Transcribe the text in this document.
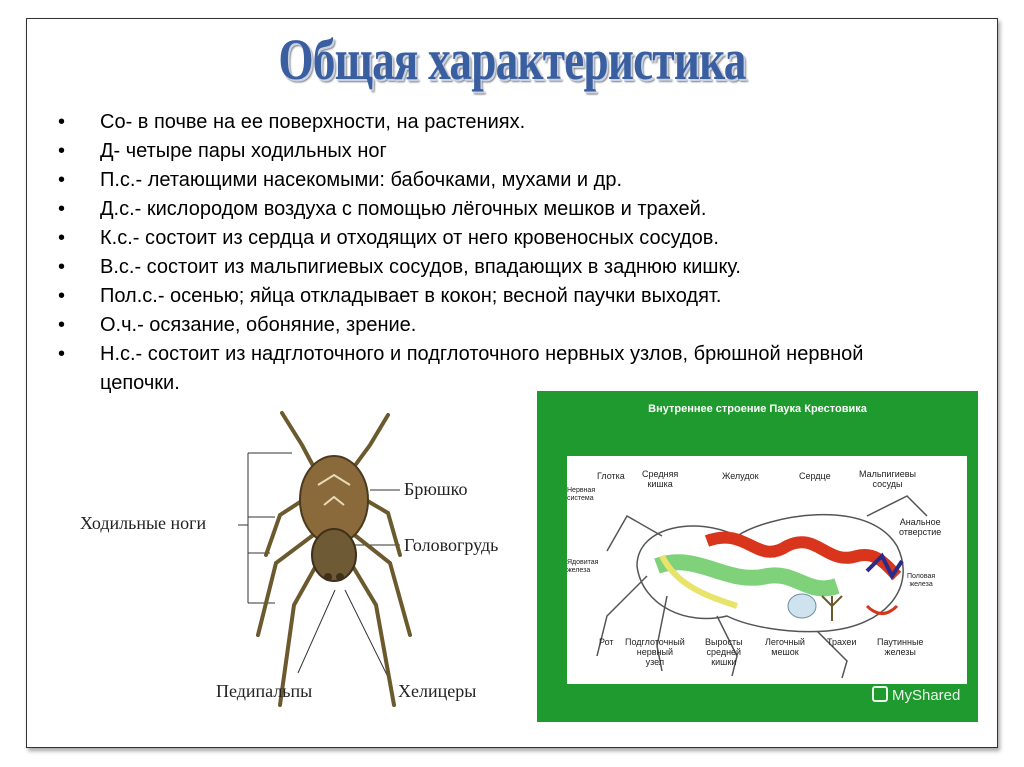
Общая характеристика
• Со- в почве на ее поверхности, на растениях.
• Д- четыре пары ходильных ног
• П.с.- летающими насекомыми: бабочками, мухами и др.
• Д.с.- кислородом воздуха с помощью лёгочных мешков и трахей.
• К.с.- состоит из сердца и отходящих от него кровеносных сосудов.
• В.с.- состоит из мальпигиевых сосудов, впадающих в заднюю кишку.
• Пол.с.- осенью; яйца откладывает в кокон; весной паучки выходят.
• О.ч.- осязание, обоняние, зрение.
• Н.с.- состоит из надглоточного и подглоточного нервных узлов, брюшной нервной цепочки.
Ходильные ноги
Брюшко
Головогрудь
Педипальпы	Хелицеры
Внутреннее строение Паука Крестовика
Глотка Средняя
кишка
Желудок	Сердце	Мальпигиевы
сосуды
Нервная
система
Анальное
отверстие
Ядовитая
железа
Половая
железа
Рот Подглоточный
нервный
узел
Выросты
средней
кишки
Легочный
мешок
Трахеи Паутинные
железы
MyShared
